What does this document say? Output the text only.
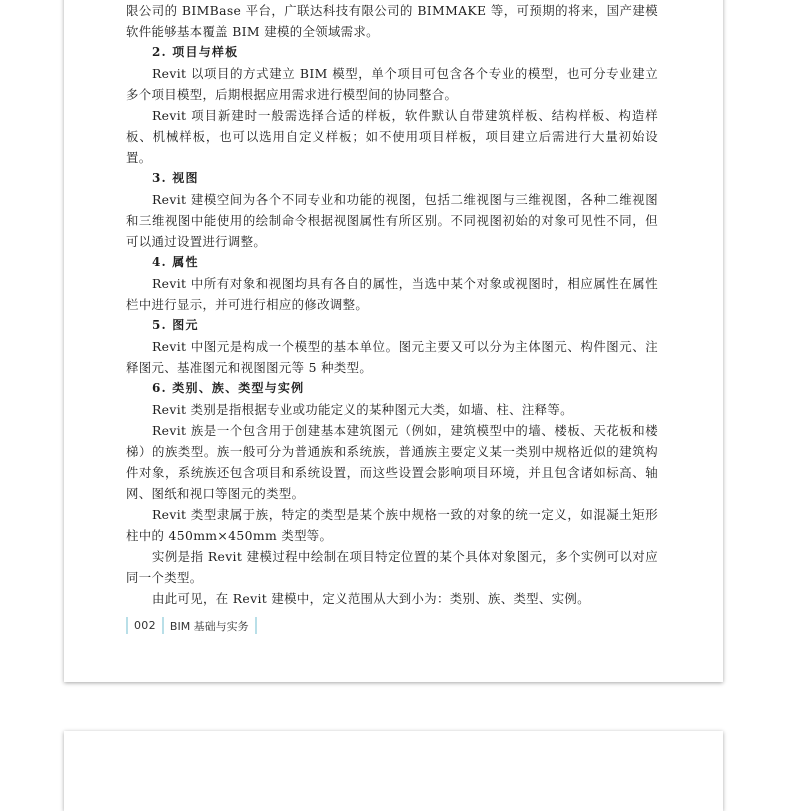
限公司的 BIMBase 平台，广联达科技有限公司的 BIMMAKE 等，可预期的将来，国产建模软件能够基本覆盖 BIM 建模的全领域需求。

2. 项目与样板

Revit 以项目的方式建立 BIM 模型，单个项目可包含各个专业的模型，也可分专业建立多个项目模型，后期根据应用需求进行模型间的协同整合。

Revit 项目新建时一般需选择合适的样板，软件默认自带建筑样板、结构样板、构造样板、机械样板，也可以选用自定义样板；如不使用项目样板，项目建立后需进行大量初始设置。

3. 视图

Revit 建模空间为各个不同专业和功能的视图，包括二维视图与三维视图，各种二维视图和三维视图中能使用的绘制命令根据视图属性有所区别。不同视图初始的对象可见性不同，但可以通过设置进行调整。

4. 属性

Revit 中所有对象和视图均具有各自的属性，当选中某个对象或视图时，相应属性在属性栏中进行显示，并可进行相应的修改调整。

5. 图元

Revit 中图元是构成一个模型的基本单位。图元主要又可以分为主体图元、构件图元、注释图元、基准图元和视图图元等 5 种类型。

6. 类别、族、类型与实例

Revit 类别是指根据专业或功能定义的某种图元大类，如墙、柱、注释等。

Revit 族是一个包含用于创建基本建筑图元（例如，建筑模型中的墙、楼板、天花板和楼梯）的族类型。族一般可分为普通族和系统族，普通族主要定义某一类别中规格近似的建筑构件对象，系统族还包含项目和系统设置，而这些设置会影响项目环境，并且包含诸如标高、轴网、图纸和视口等图元的类型。

Revit 类型隶属于族，特定的类型是某个族中规格一致的对象的统一定义，如混凝土矩形柱中的 450mm×450mm 类型等。

实例是指 Revit 建模过程中绘制在项目特定位置的某个具体对象图元，多个实例可以对应同一个类型。

由此可见，在 Revit 建模中，定义范围从大到小为：类别、族、类型、实例。

002	BIM 基础与实务
